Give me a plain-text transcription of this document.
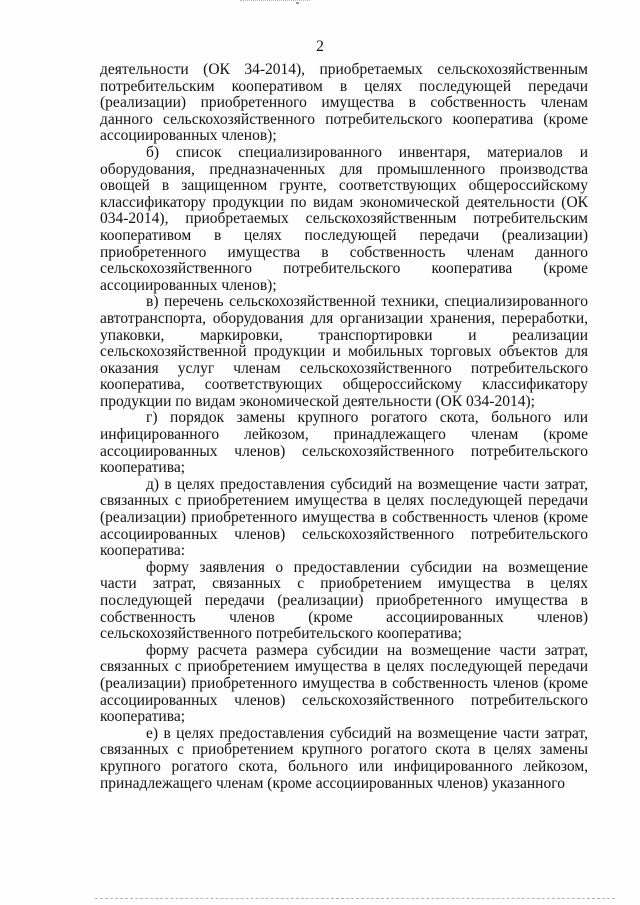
2

деятельности (ОК 34-2014), приобретаемых сельскохозяйственным потребительским кооперативом в целях последующей передачи (реализации) приобретенного имущества в собственность членам данного сельскохозяйственного потребительского кооператива (кроме ассоциированных членов);

б) список специализированного инвентаря, материалов и оборудования, предназначенных для промышленного производства овощей в защищенном грунте, соответствующих общероссийскому классификатору продукции по видам экономической деятельности (ОК 034-2014), приобретаемых сельскохозяйственным потребительским кооперативом в целях последующей передачи (реализации) приобретенного имущества в собственность членам данного сельскохозяйственного потребительского кооператива (кроме ассоциированных членов);

в) перечень сельскохозяйственной техники, специализированного автотранспорта, оборудования для организации хранения, переработки, упаковки, маркировки, транспортировки и реализации сельскохозяйственной продукции и мобильных торговых объектов для оказания услуг членам сельскохозяйственного потребительского кооператива, соответствующих общероссийскому классификатору продукции по видам экономической деятельности (ОК 034-2014);

г) порядок замены крупного рогатого скота, больного или инфицированного лейкозом, принадлежащего членам (кроме ассоциированных членов) сельскохозяйственного потребительского кооператива;

д) в целях предоставления субсидий на возмещение части затрат, связанных с приобретением имущества в целях последующей передачи (реализации) приобретенного имущества в собственность членов (кроме ассоциированных членов) сельскохозяйственного потребительского кооператива:

форму заявления о предоставлении субсидии на возмещение части затрат, связанных с приобретением имущества в целях последующей передачи (реализации) приобретенного имущества в собственность членов (кроме ассоциированных членов) сельскохозяйственного потребительского кооператива;

форму расчета размера субсидии на возмещение части затрат, связанных с приобретением имущества в целях последующей передачи (реализации) приобретенного имущества в собственность членов (кроме ассоциированных членов) сельскохозяйственного потребительского кооператива;

е) в целях предоставления субсидий на возмещение части затрат, связанных с приобретением крупного рогатого скота в целях замены крупного рогатого скота, больного или инфицированного лейкозом, принадлежащего членам (кроме ассоциированных членов) указанного
